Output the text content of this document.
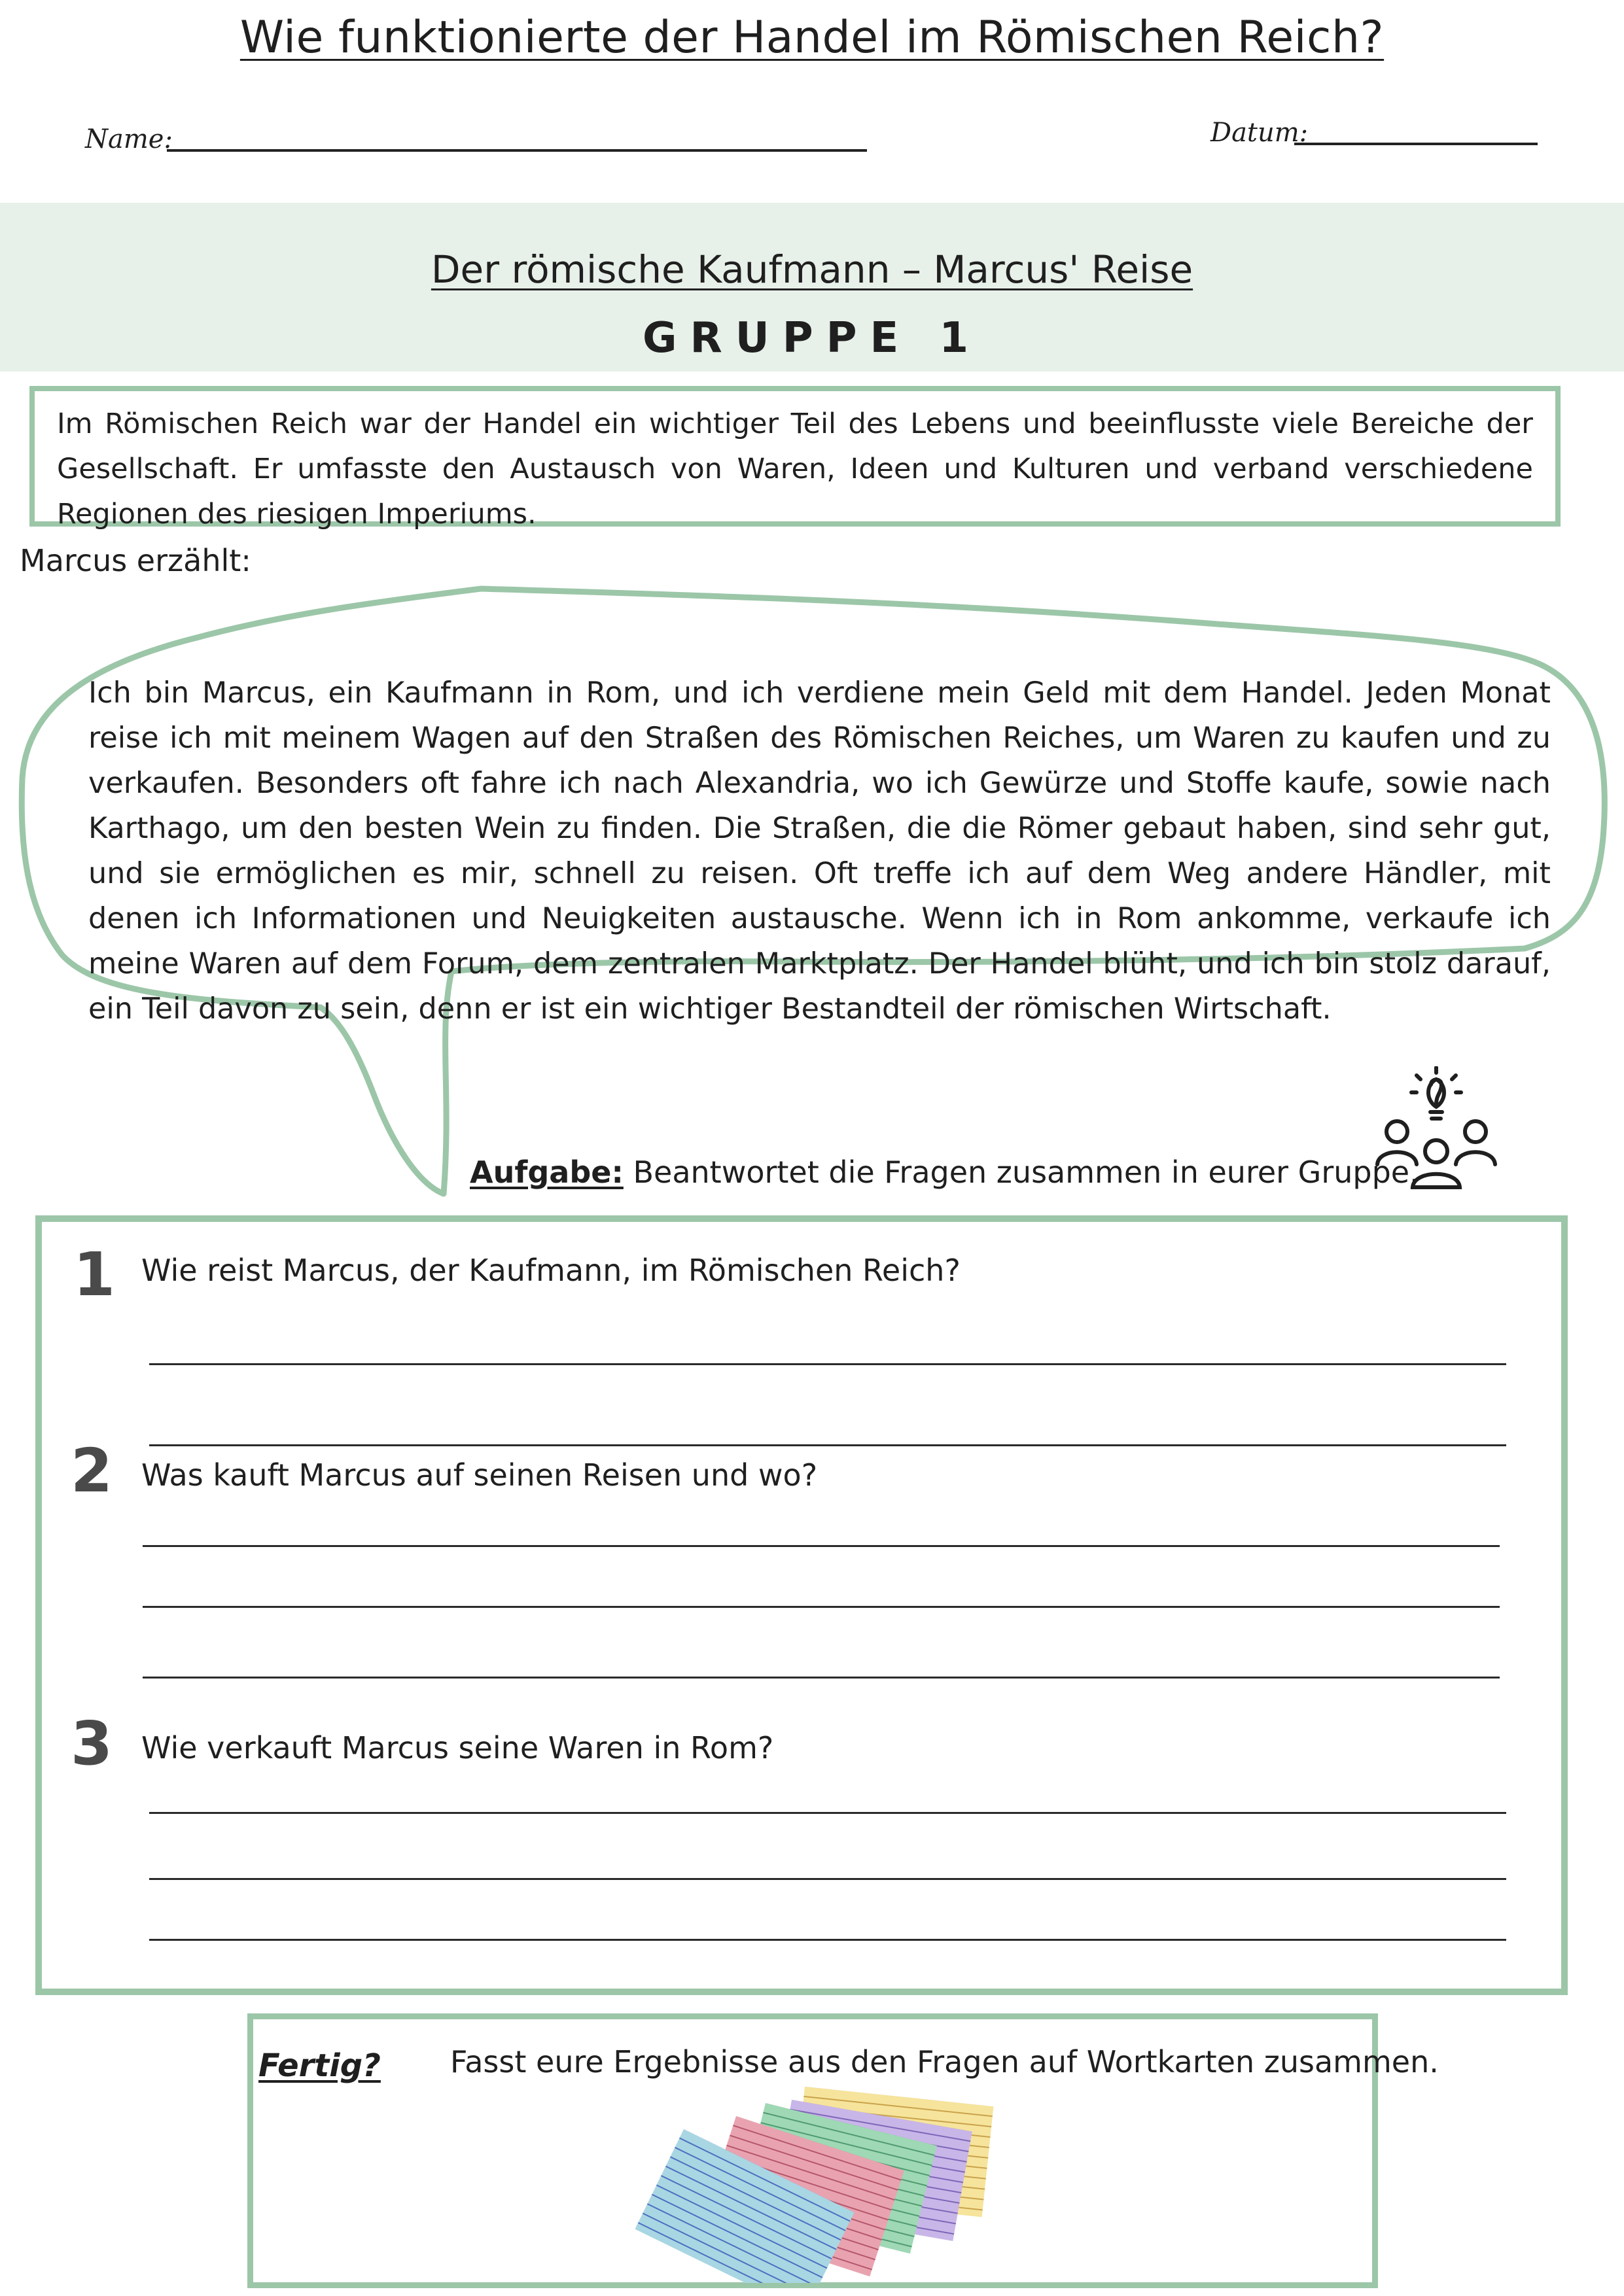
Wie funktionierte der Handel im Römischen Reich?
Name:	Datum:
Der römische Kaufmann – Marcus' Reise
GRUPPE 1
Im Römischen Reich war der Handel ein wichtiger Teil des Lebens und beeinflusste viele Bereiche der Gesellschaft. Er umfasste den Austausch von Waren, Ideen und Kulturen und verband verschiedene Regionen des riesigen Imperiums.
Marcus erzählt:
Ich bin Marcus, ein Kaufmann in Rom, und ich verdiene mein Geld mit dem Handel. Jeden Monat reise ich mit meinem Wagen auf den Straßen des Römischen Reiches, um Waren zu kaufen und zu verkaufen. Besonders oft fahre ich nach Alexandria, wo ich Gewürze und Stoffe kaufe, sowie nach Karthago, um den besten Wein zu finden. Die Straßen, die die Römer gebaut haben, sind sehr gut, und sie ermöglichen es mir, schnell zu reisen. Oft treffe ich auf dem Weg andere Händler, mit denen ich Informationen und Neuigkeiten austausche. Wenn ich in Rom ankomme, verkaufe ich meine Waren auf dem Forum, dem zentralen Marktplatz. Der Handel blüht, und ich bin stolz darauf, ein Teil davon zu sein, denn er ist ein wichtiger Bestandteil der römischen Wirtschaft.
Aufgabe: Beantwortet die Fragen zusammen in eurer Gruppe.
1 Wie reist Marcus, der Kaufmann, im Römischen Reich?
2 Was kauft Marcus auf seinen Reisen und wo?
3 Wie verkauft Marcus seine Waren in Rom?
Fertig? Fasst eure Ergebnisse aus den Fragen auf Wortkarten zusammen.
